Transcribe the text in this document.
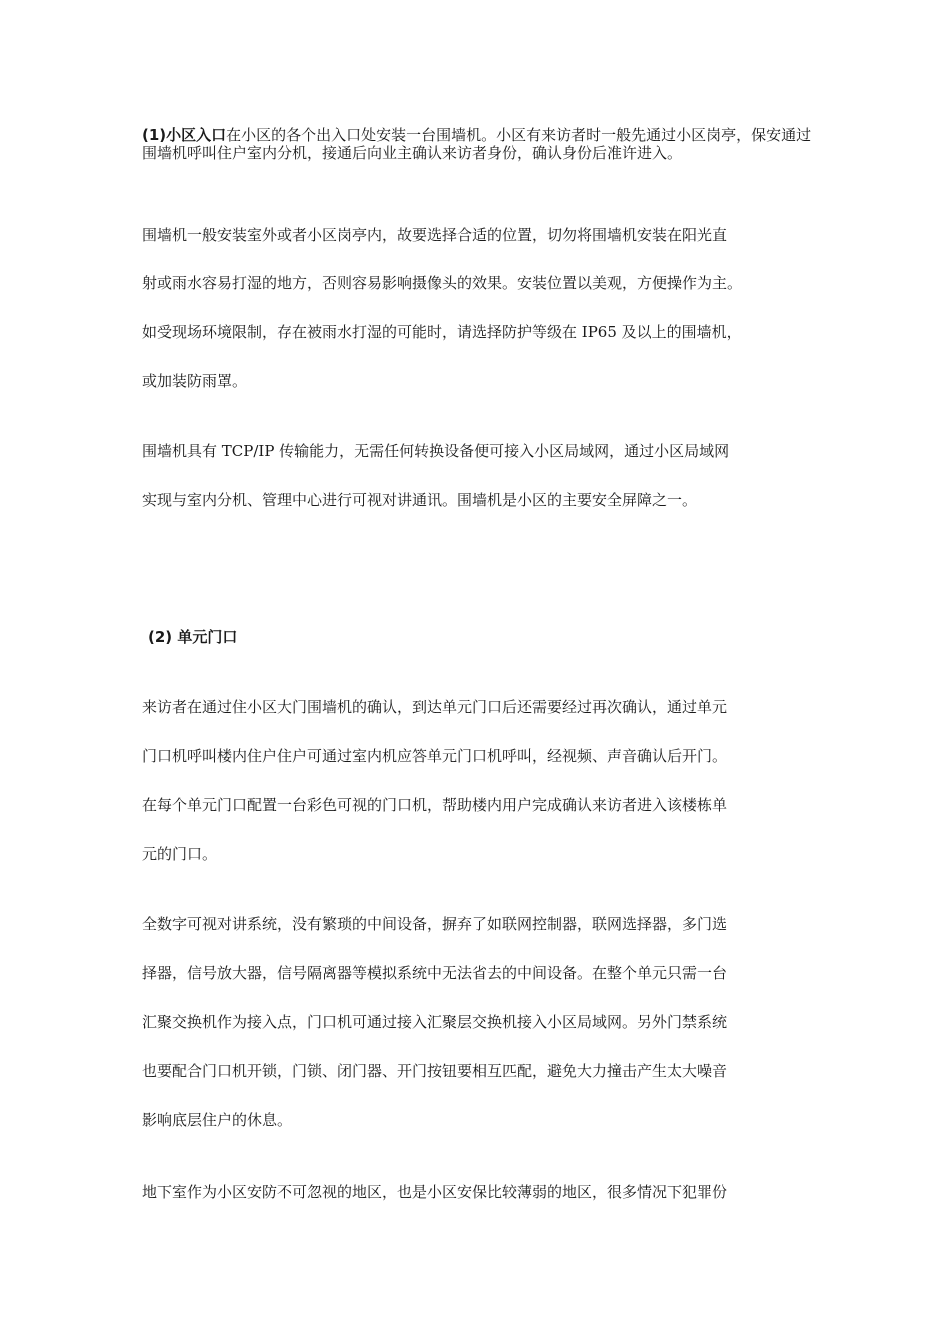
(1)小区入口在小区的各个出入口处安装一台围墙机。小区有来访者时一般先通过小区岗亭，保安通过围墙机呼叫住户室内分机，接通后向业主确认来访者身份，确认身份后准许进入。

围墙机一般安装室外或者小区岗亭内，故要选择合适的位置，切勿将围墙机安装在阳光直

射或雨水容易打湿的地方，否则容易影响摄像头的效果。安装位置以美观，方便操作为主。

如受现场环境限制，存在被雨水打湿的可能时，请选择防护等级在 IP65 及以上的围墙机，

或加装防雨罩。

围墙机具有 TCP/IP 传输能力，无需任何转换设备便可接入小区局域网，通过小区局域网

实现与室内分机、管理中心进行可视对讲通讯。围墙机是小区的主要安全屏障之一。

(2) 单元门口

来访者在通过住小区大门围墙机的确认，到达单元门口后还需要经过再次确认，通过单元

门口机呼叫楼内住户住户可通过室内机应答单元门口机呼叫，经视频、声音确认后开门。

在每个单元门口配置一台彩色可视的门口机，帮助楼内用户完成确认来访者进入该楼栋单

元的门口。

全数字可视对讲系统，没有繁琐的中间设备，摒弃了如联网控制器，联网选择器，多门选

择器，信号放大器，信号隔离器等模拟系统中无法省去的中间设备。在整个单元只需一台

汇聚交换机作为接入点，门口机可通过接入汇聚层交换机接入小区局域网。另外门禁系统

也要配合门口机开锁，门锁、闭门器、开门按钮要相互匹配，避免大力撞击产生太大噪音

影响底层住户的休息。

地下室作为小区安防不可忽视的地区，也是小区安保比较薄弱的地区，很多情况下犯罪份
